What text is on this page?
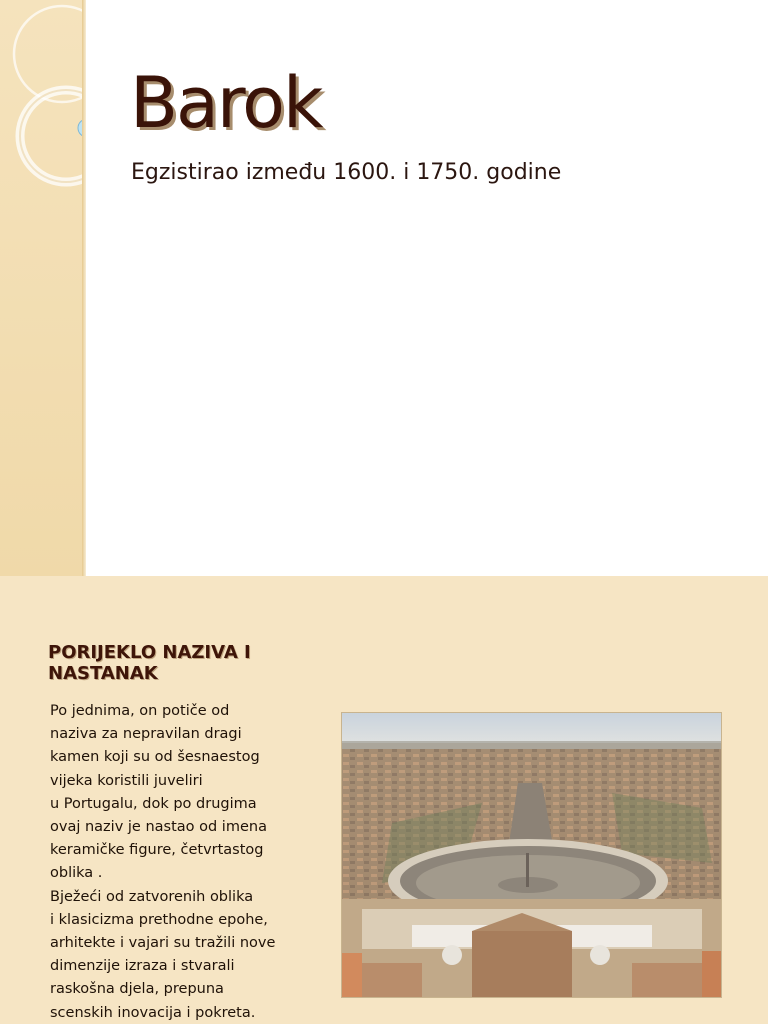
Barok

Egzistirao između 1600. i 1750. godine

PORIJEKLO NAZIVA I NASTANAK
Po jednima, on potiče od
naziva za nepravilan dragi
kamen koji su od šesnaestog
vijeka koristili juveliri
u Portugalu, dok po drugima
ovaj naziv je nastao od imena
keramičke figure, četvrtastog
oblika .
Bježeći od zatvorenih oblika
i klasicizma prethodne epohe,
arhitekte i vajari su tražili nove
dimenzije izraza i stvarali
raskošna djela, prepuna
scenskih inovacija i pokreta.
